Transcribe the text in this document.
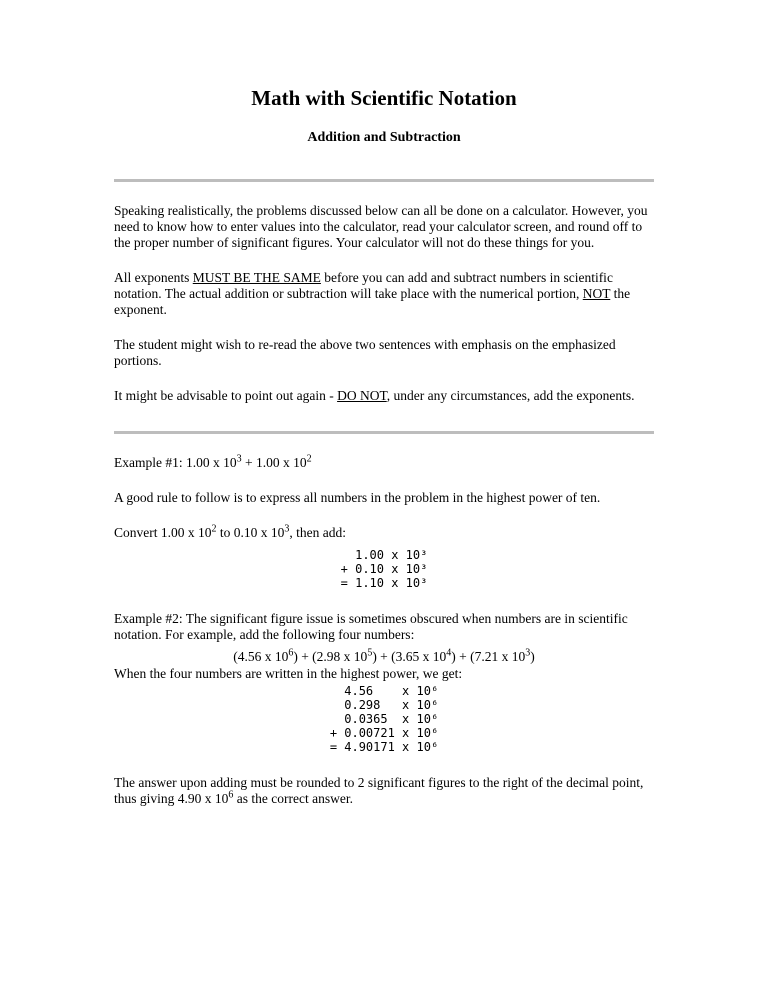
Math with Scientific Notation
Addition and Subtraction

Speaking realistically, the problems discussed below can all be done on a calculator. However, you need to know how to enter values into the calculator, read your calculator screen, and round off to the proper number of significant figures. Your calculator will not do these things for you.

All exponents MUST BE THE SAME before you can add and subtract numbers in scientific notation. The actual addition or subtraction will take place with the numerical portion, NOT the exponent.

The student might wish to re-read the above two sentences with emphasis on the emphasized portions.

It might be advisable to point out again - DO NOT, under any circumstances, add the exponents.

Example #1: 1.00 x $10^3 + 1.00$ x $10^2$

A good rule to follow is to express all numbers in the problem in the highest power of ten.

Convert 1.00 x $10^2$ to 0.10 x $10^3$, then add:

1.00 x 10³
+ 0.10 x 10³
= 1.10 x 10³

Example #2: The significant figure issue is sometimes obscured when numbers are in scientific notation. For example, add the following four numbers:

(4.56 x $10^6) + (2.98$ x $10^5) + (3.65$ x $10^4) + (7.21$ x $10^3$)

When the four numbers are written in the highest power, we get:

4.56    x 10⁶
0.298   x 10⁶
0.0365  x 10⁶
+ 0.00721 x 10⁶
= 4.90171 x 10⁶

The answer upon adding must be rounded to 2 significant figures to the right of the decimal point, thus giving 4.90 x $10^6$ as the correct answer.
